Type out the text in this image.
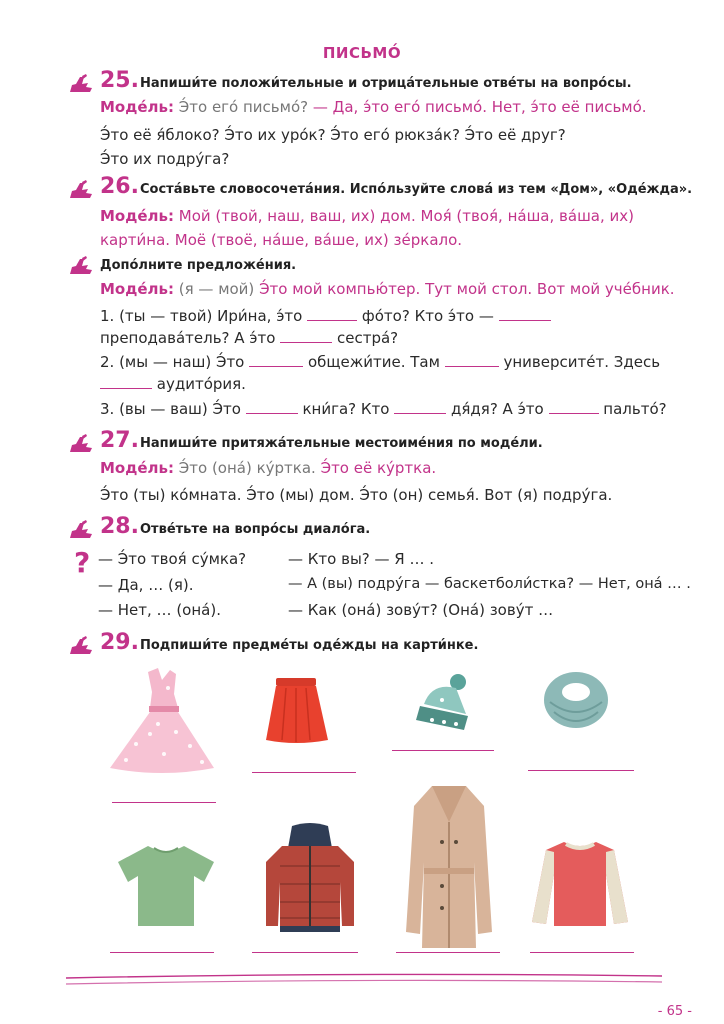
ПИСЬМО́
25. Напиши́те положи́тельные и отрица́тельные отве́ты на вопро́сы.
Моде́ль: Э́то его́ письмо́? — Да, э́то его́ письмо́. Нет, э́то её письмо́.
Э́то её я́блоко? Э́то их уро́к? Э́то его́ рюкза́к? Э́то её друг?
Э́то их подру́га?
26. Соста́вьте словосочета́ния. Испо́льзуйте слова́ из тем «Дом», «Оде́жда».
Моде́ль: Мой (твой, наш, ваш, их) дом. Моя́ (твоя́, на́ша, ва́ша, их)
карти́на. Моё (твоё, на́ше, ва́ше, их) зе́ркало.
Допо́лните предложе́ния.
Моде́ль: (я — мой) Э́то мой компью́тер. Тут мой стол. Вот мой уче́бник.
1. (ты — твой) Ири́на, э́то	фо́то? Кто э́то —
преподава́тель? А э́то	сестра́?
2. (мы — наш) Э́то	общежи́тие. Там	университе́т. Здесь
аудито́рия.
3. (вы — ваш) Э́то	кни́га? Кто	дя́дя? А э́то	пальто́?
27. Напиши́те притяжа́тельные местоиме́ния по моде́ли.
Моде́ль: Э́то (она́) ку́ртка. Э́то её ку́ртка.
Э́то (ты) ко́мната. Э́то (мы) дом. Э́то (он) семья́. Вот (я) подру́га.
28. Отве́тьте на вопро́сы диало́га.
? — Э́то твоя́ су́мка?
— Да, … (я).
— Нет, … (она́).
— Кто вы? — Я … .
— А (вы) подру́га — баскетболи́стка? — Нет, она́ … .
— Как (она́) зову́т? (Она́) зову́т …
29. Подпиши́те предме́ты оде́жды на карти́нке.
- 65 -
